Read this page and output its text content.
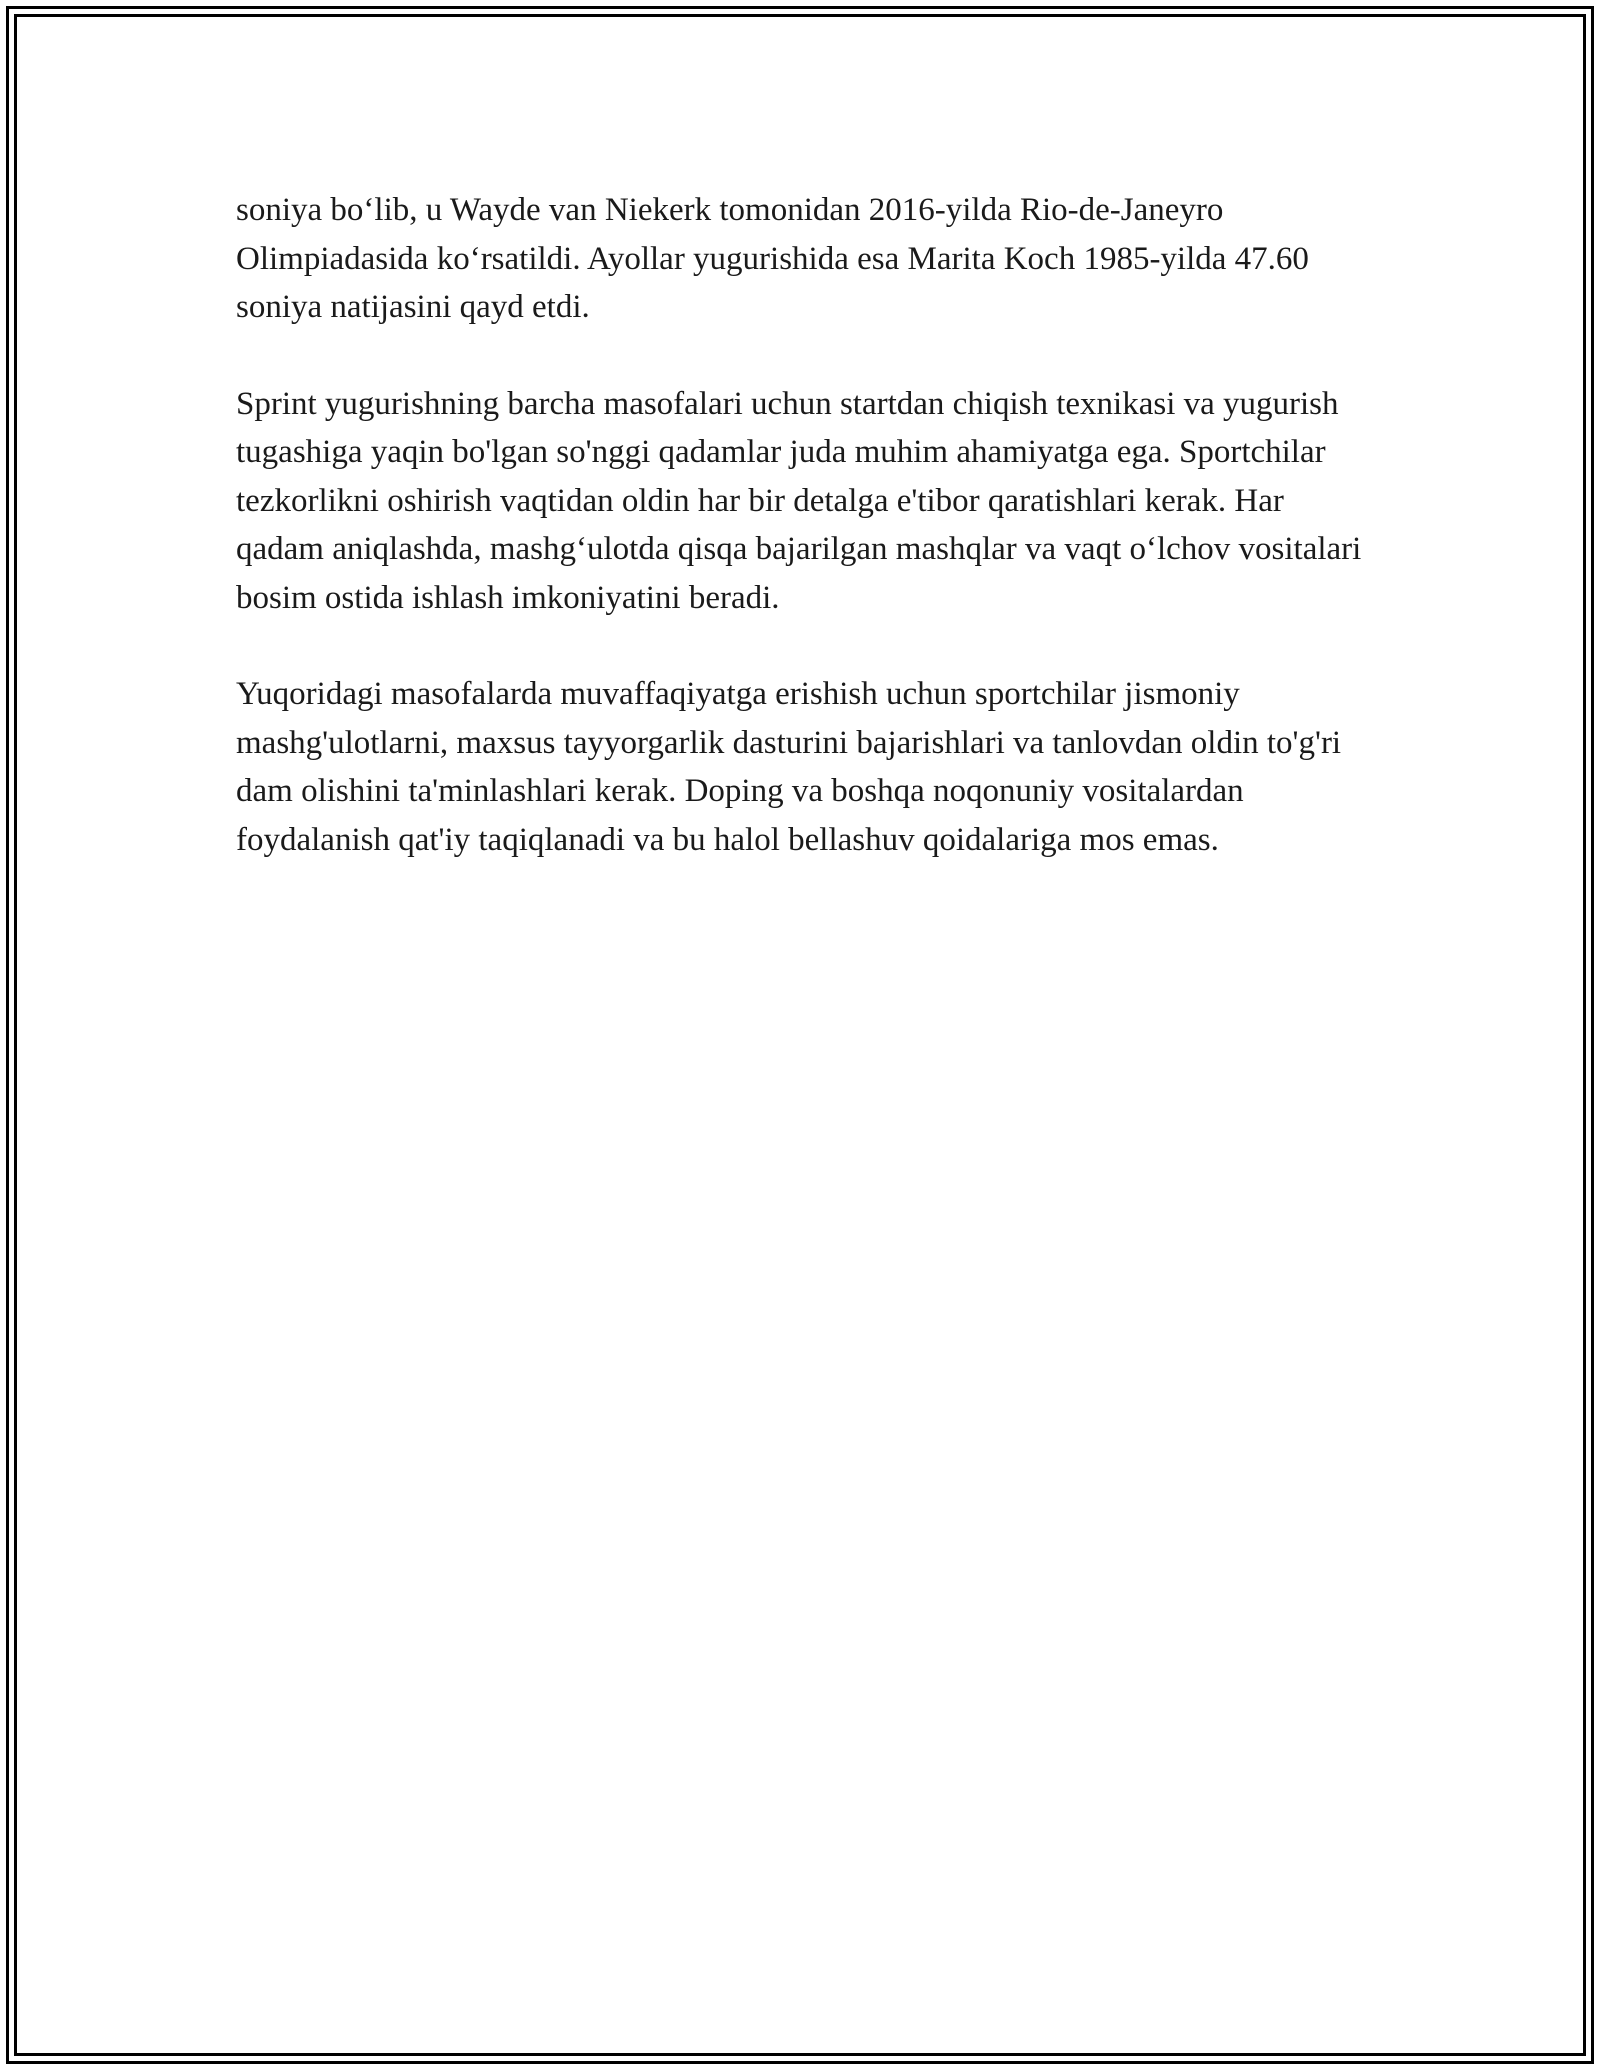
soniya bo‘lib, u Wayde van Niekerk tomonidan 2016-yilda Rio-de-Janeyro Olimpiadasida ko‘rsatildi. Ayollar yugurishida esa Marita Koch 1985-yilda 47.60 soniya natijasini qayd etdi.

Sprint yugurishning barcha masofalari uchun startdan chiqish texnikasi va yugurish tugashiga yaqin bo'lgan so'nggi qadamlar juda muhim ahamiyatga ega. Sportchilar tezkorlikni oshirish vaqtidan oldin har bir detalga e'tibor qaratishlari kerak. Har qadam aniqlashda, mashg‘ulotda qisqa bajarilgan mashqlar va vaqt o‘lchov vositalari bosim ostida ishlash imkoniyatini beradi.

Yuqoridagi masofalarda muvaffaqiyatga erishish uchun sportchilar jismoniy mashg'ulotlarni, maxsus tayyorgarlik dasturini bajarishlari va tanlovdan oldin to'g'ri dam olishini ta'minlashlari kerak. Doping va boshqa noqonuniy vositalardan foydalanish qat'iy taqiqlanadi va bu halol bellashuv qoidalariga mos emas.
